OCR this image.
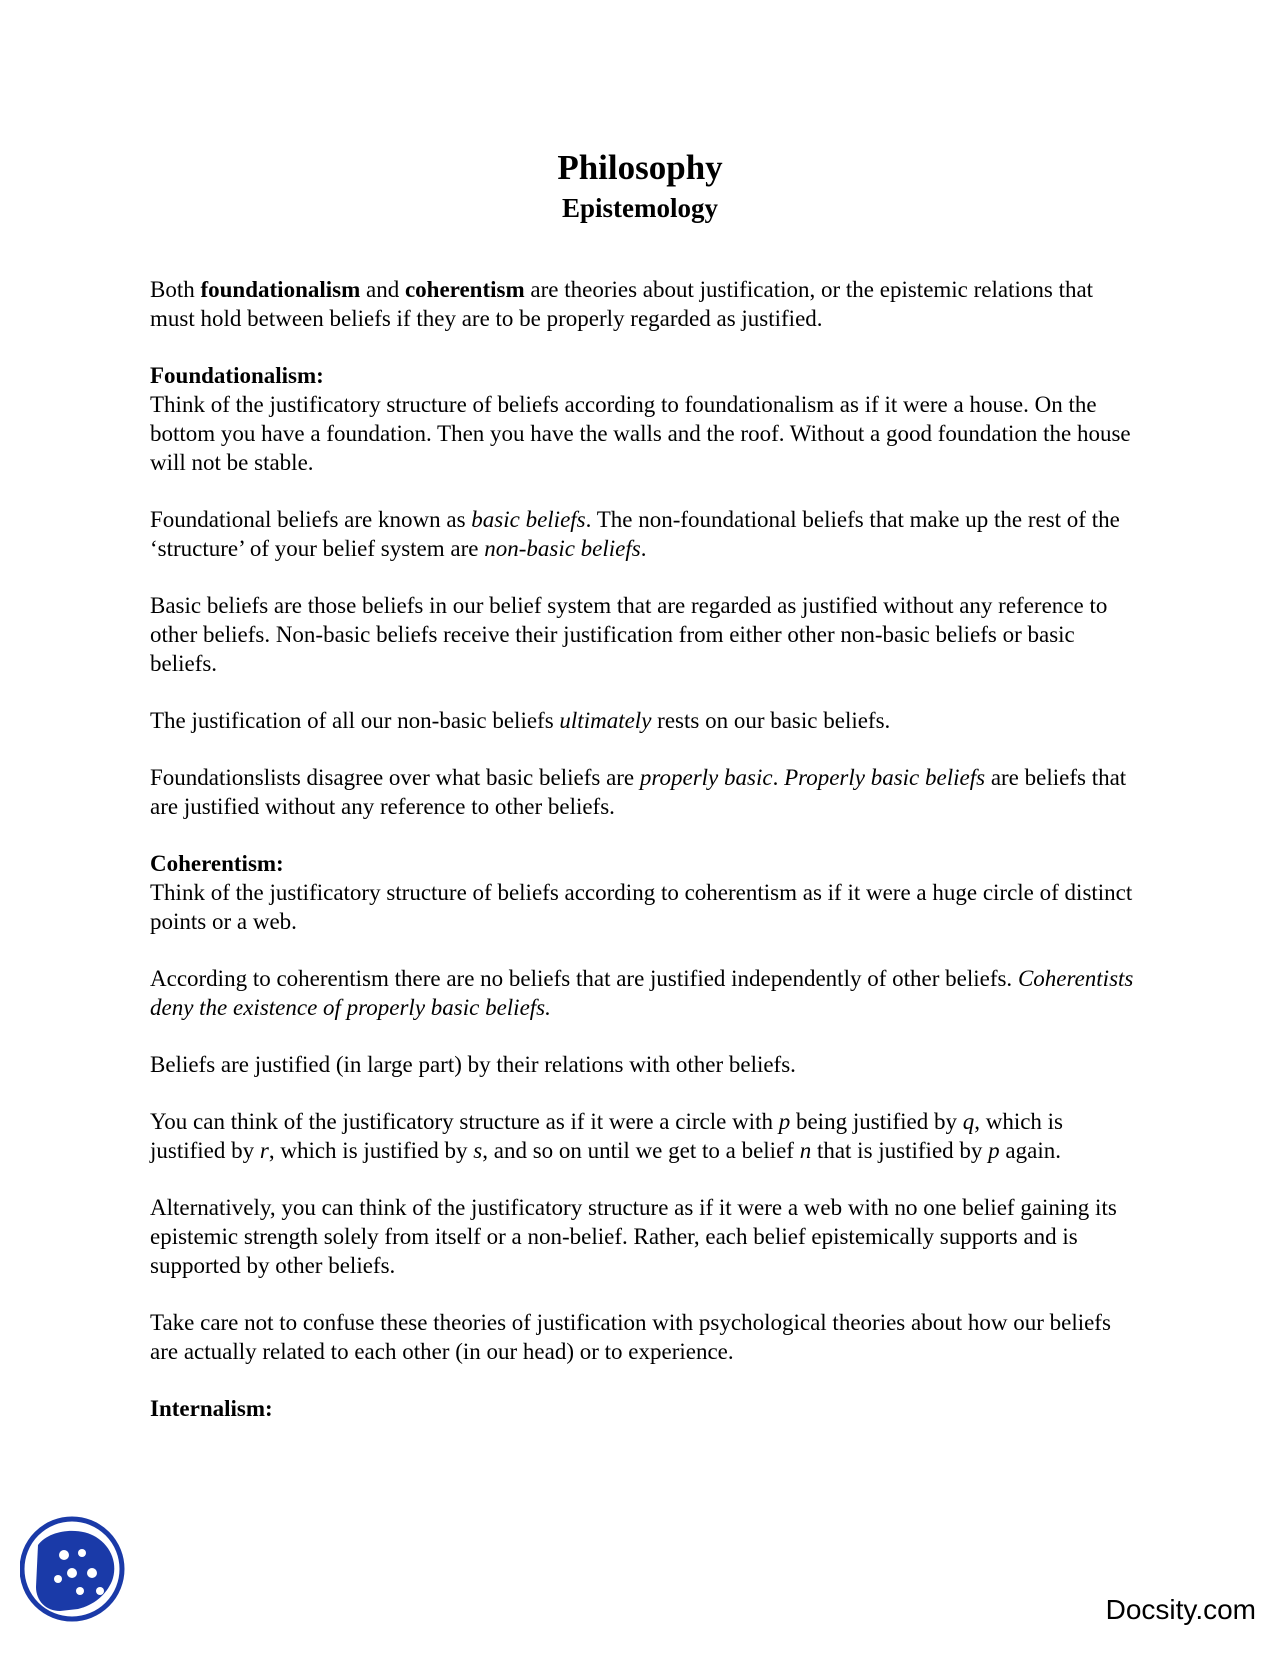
Philosophy
Epistemology

Both foundationalism and coherentism are theories about justification, or the epistemic relations that must hold between beliefs if they are to be properly regarded as justified.

Foundationalism:

Think of the justificatory structure of beliefs according to foundationalism as if it were a house. On the bottom you have a foundation. Then you have the walls and the roof. Without a good foundation the house will not be stable.

Foundational beliefs are known as basic beliefs. The non-foundational beliefs that make up the rest of the ‘structure’ of your belief system are non-basic beliefs.

Basic beliefs are those beliefs in our belief system that are regarded as justified without any reference to other beliefs. Non-basic beliefs receive their justification from either other non-basic beliefs or basic beliefs.

The justification of all our non-basic beliefs ultimately rests on our basic beliefs.

Foundationslists disagree over what basic beliefs are properly basic. Properly basic beliefs are beliefs that are justified without any reference to other beliefs.

Coherentism:

Think of the justificatory structure of beliefs according to coherentism as if it were a huge circle of distinct points or a web.

According to coherentism there are no beliefs that are justified independently of other beliefs. Coherentists deny the existence of properly basic beliefs.

Beliefs are justified (in large part) by their relations with other beliefs.

You can think of the justificatory structure as if it were a circle with p being justified by q, which is justified by r, which is justified by s, and so on until we get to a belief n that is justified by p again.

Alternatively, you can think of the justificatory structure as if it were a web with no one belief gaining its epistemic strength solely from itself or a non-belief. Rather, each belief epistemically supports and is supported by other beliefs.

Take care not to confuse these theories of justification with psychological theories about how our beliefs are actually related to each other (in our head) or to experience.

Internalism:
Docsity.com
